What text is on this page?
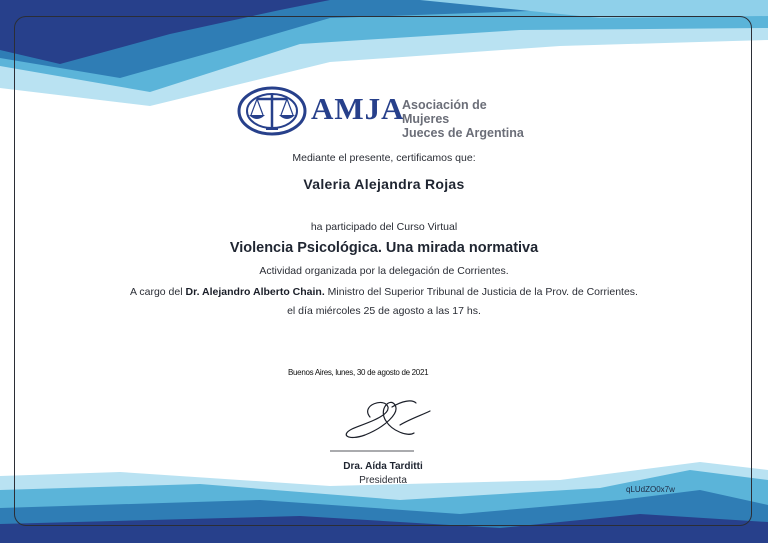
AMJA
Asociación de Mujeres
Jueces de Argentina
Mediante el presente, certificamos que:
Valeria Alejandra Rojas
ha participado del Curso Virtual
Violencia Psicológica. Una mirada normativa
Actividad organizada por la delegación de Corrientes.
A cargo del Dr. Alejandro Alberto Chain. Ministro del Superior Tribunal de Justicia de la Prov. de Corrientes.
el día miércoles 25 de agosto a las 17 hs.
Buenos Aires, lunes, 30 de agosto de 2021
Dra. Aída Tarditti
Presidenta
qLUdZO0x7w
